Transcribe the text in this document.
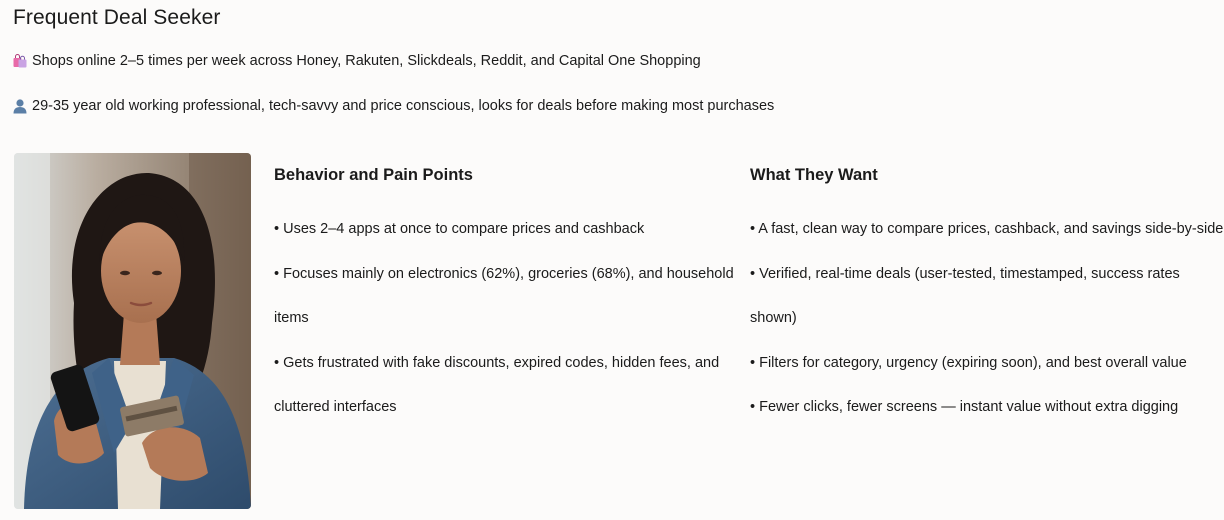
Frequent Deal Seeker
Shops online 2–5 times per week across Honey, Rakuten, Slickdeals, Reddit, and Capital One Shopping
29-35 year old working professional, tech-savvy and price conscious, looks for deals before making most purchases
Behavior and Pain Points
• Uses 2–4 apps at once to compare prices and cashback
• Focuses mainly on electronics (62%), groceries (68%), and household
items
• Gets frustrated with fake discounts, expired codes, hidden fees, and
cluttered interfaces
What They Want
• A fast, clean way to compare prices, cashback, and savings side-by-side
• Verified, real-time deals (user-tested, timestamped, success rates
shown)
• Filters for category, urgency (expiring soon), and best overall value
• Fewer clicks, fewer screens — instant value without extra digging
